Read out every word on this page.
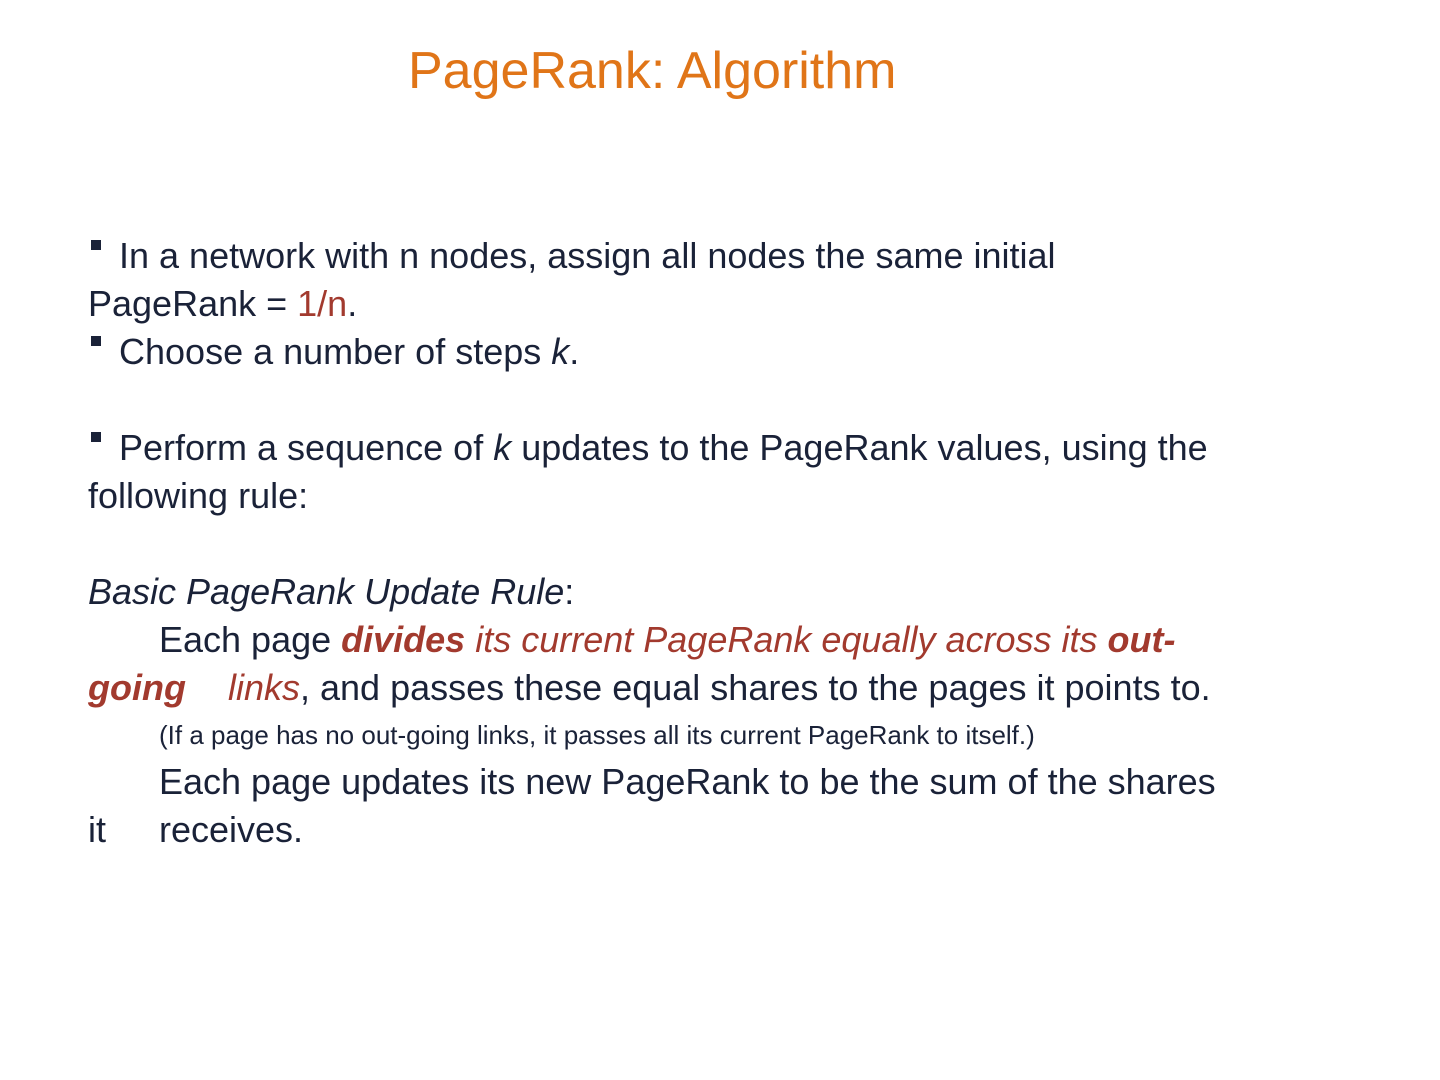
PageRank: Algorithm
In a network with n nodes, assign all nodes the same initial
PageRank = 1/n.
Choose a number of steps k.
Perform a sequence of k updates to the PageRank values, using the
following rule:
Basic PageRank Update Rule:
Each page divides its current PageRank equally across its out-
going links, and passes these equal shares to the pages it points to.
(If a page has no out-going links, it passes all its current PageRank to itself.)
Each page updates its new PageRank to be the sum of the shares
it receives.
